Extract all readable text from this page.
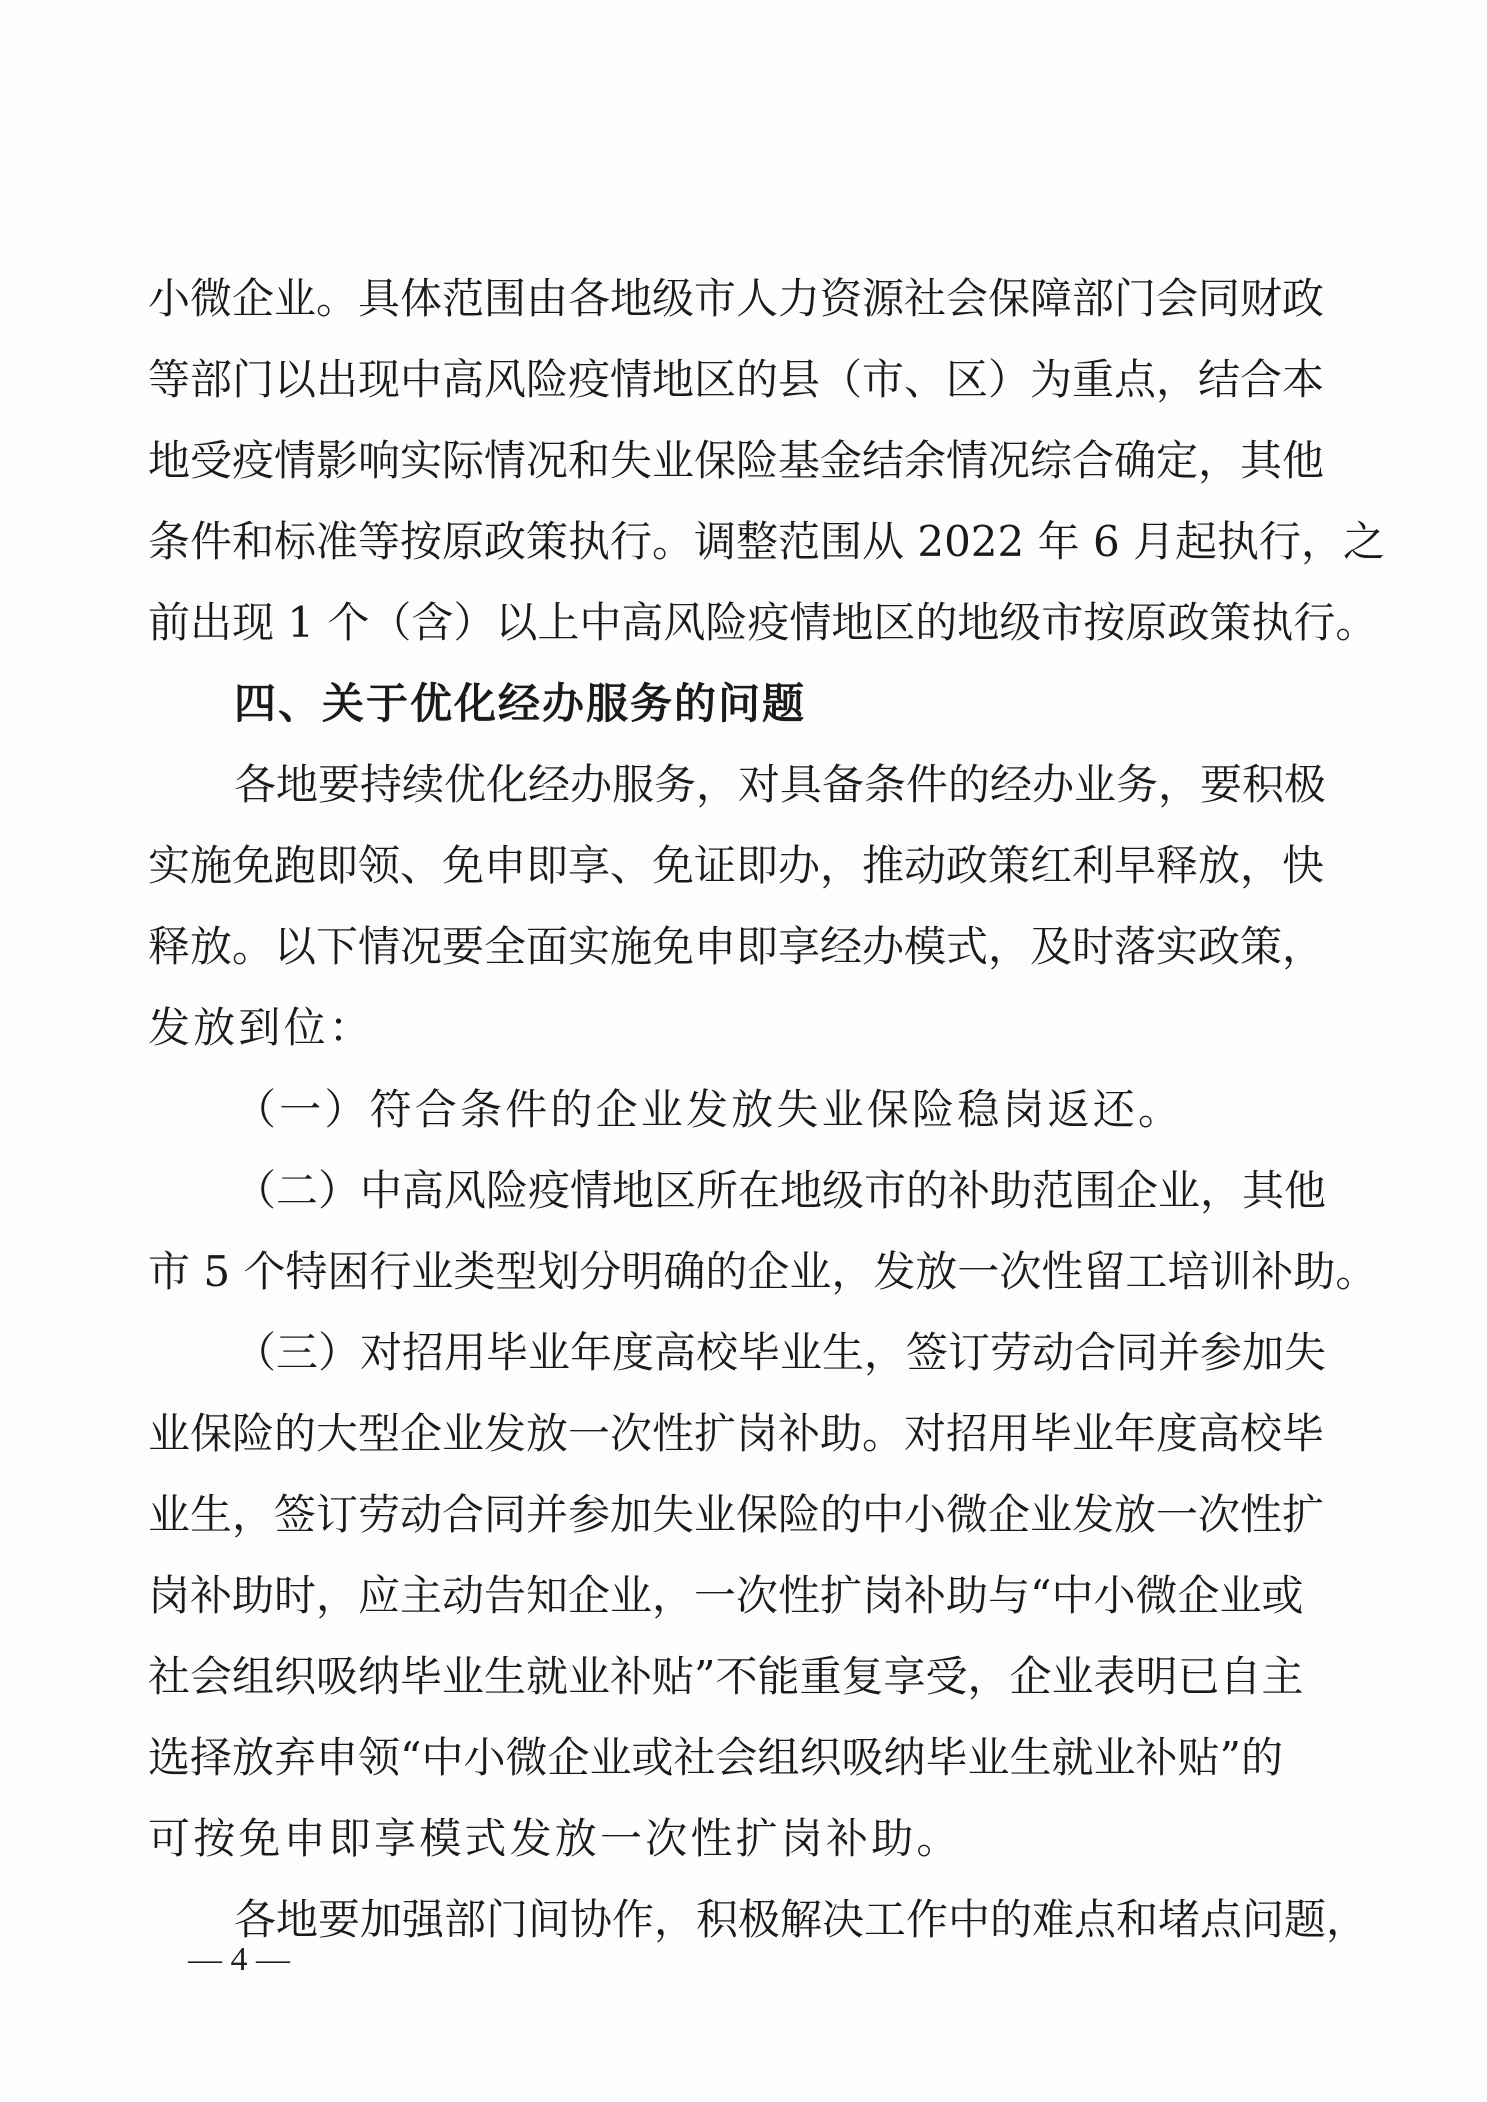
小微企业。具体范围由各地级市人力资源社会保障部门会同财政
等部门以出现中高风险疫情地区的县（市、区）为重点，结合本
地受疫情影响实际情况和失业保险基金结余情况综合确定，其他
条件和标准等按原政策执行。调整范围从 2022 年 6 月起执行，之
前出现 1 个（含）以上中高风险疫情地区的地级市按原政策执行。
四、关于优化经办服务的问题
各地要持续优化经办服务，对具备条件的经办业务，要积极
实施免跑即领、免申即享、免证即办，推动政策红利早释放，快
释放。以下情况要全面实施免申即享经办模式，及时落实政策，
发放到位：
（一）符合条件的企业发放失业保险稳岗返还。
（二）中高风险疫情地区所在地级市的补助范围企业，其他
市 5 个特困行业类型划分明确的企业，发放一次性留工培训补助。
（三）对招用毕业年度高校毕业生，签订劳动合同并参加失
业保险的大型企业发放一次性扩岗补助。对招用毕业年度高校毕
业生，签订劳动合同并参加失业保险的中小微企业发放一次性扩
岗补助时，应主动告知企业，一次性扩岗补助与“中小微企业或
社会组织吸纳毕业生就业补贴”不能重复享受，企业表明已自主
选择放弃申领“中小微企业或社会组织吸纳毕业生就业补贴”的
可按免申即享模式发放一次性扩岗补助。
各地要加强部门间协作，积极解决工作中的难点和堵点问题，
— 4 —
